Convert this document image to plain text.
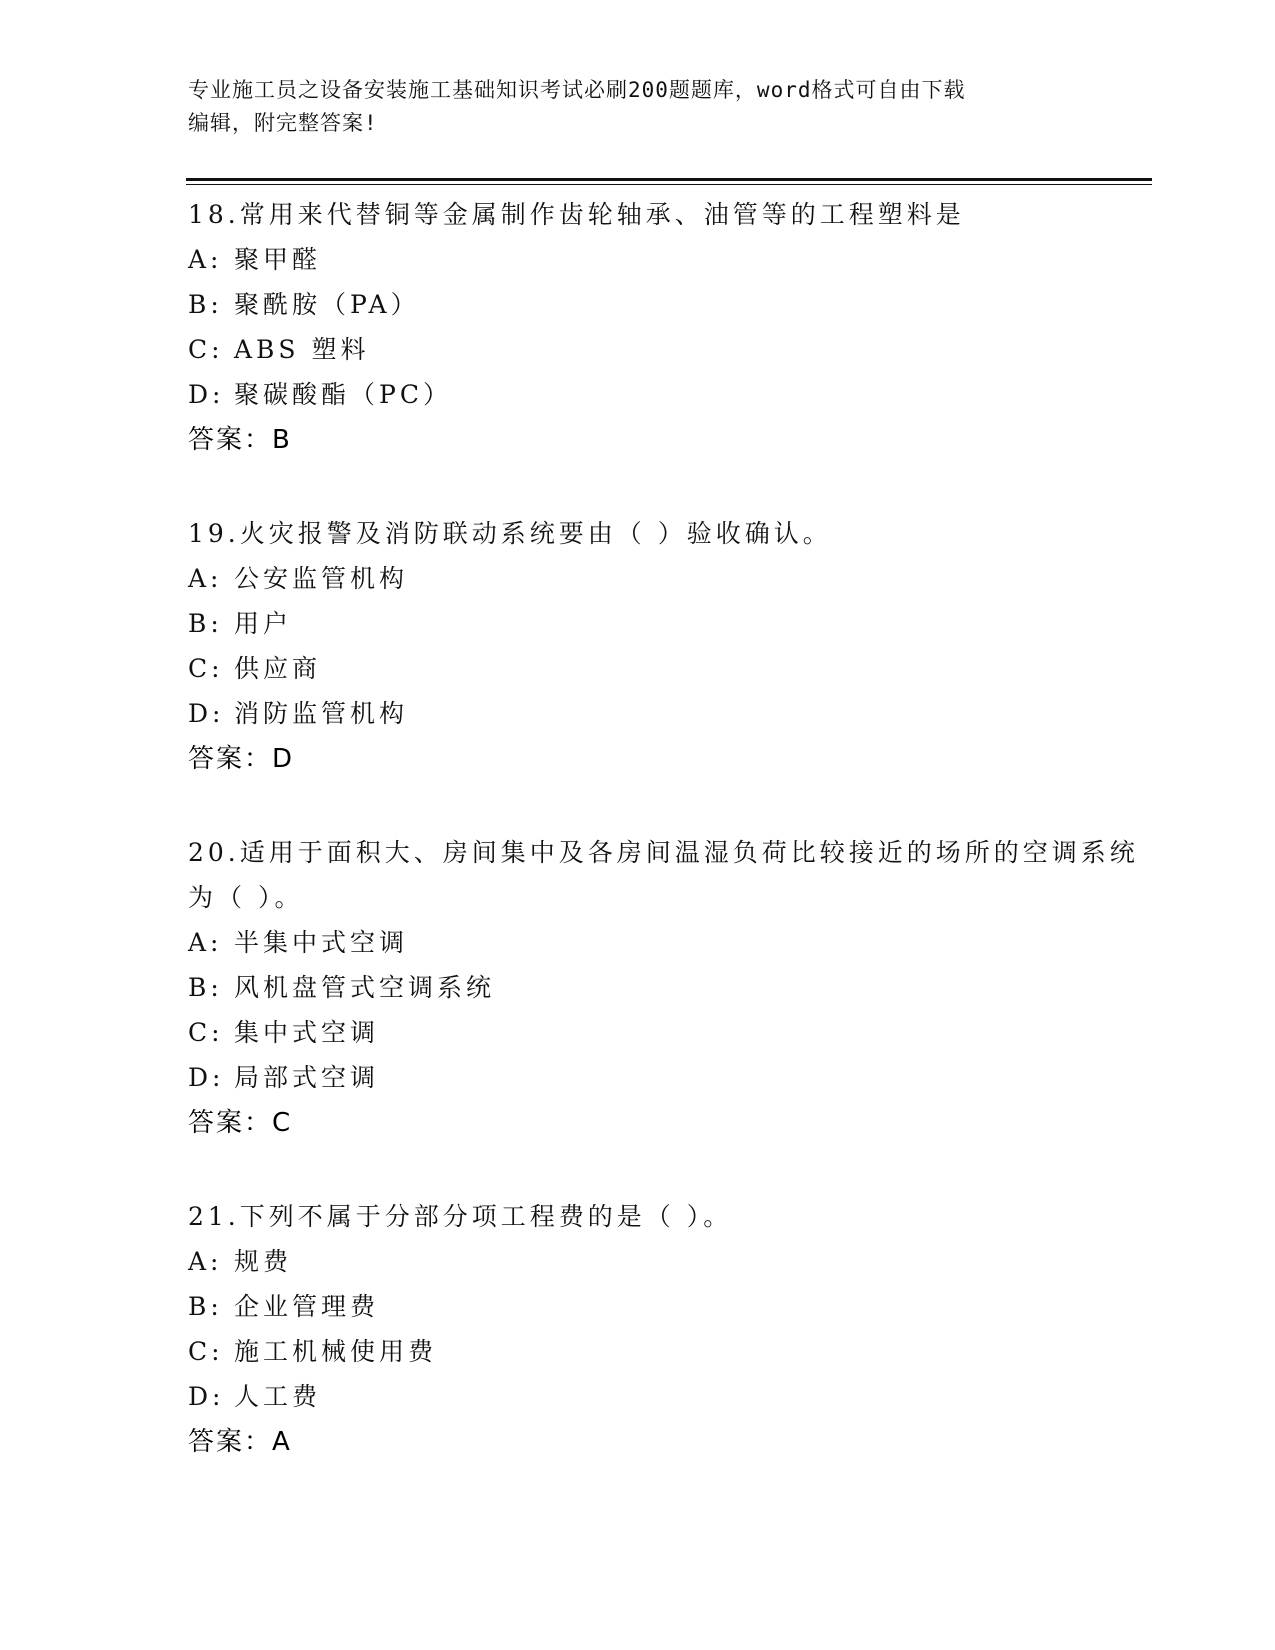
专业施工员之设备安装施工基础知识考试必刷200题题库，word格式可自由下载
编辑，附完整答案!

18.常用来代替铜等金属制作齿轮轴承、油管等的工程塑料是

A: 聚甲醛

B: 聚酰胺（PA）

C: ABS 塑料

D: 聚碳酸酯（PC）

答案：B

19.火灾报警及消防联动系统要由（ ）验收确认。

A: 公安监管机构

B: 用户

C: 供应商

D: 消防监管机构

答案：D

20.适用于面积大、房间集中及各房间温湿负荷比较接近的场所的空调系统为（ ）。

A: 半集中式空调

B: 风机盘管式空调系统

C: 集中式空调

D: 局部式空调

答案：C

21.下列不属于分部分项工程费的是（ ）。

A: 规费

B: 企业管理费

C: 施工机械使用费

D: 人工费

答案：A
